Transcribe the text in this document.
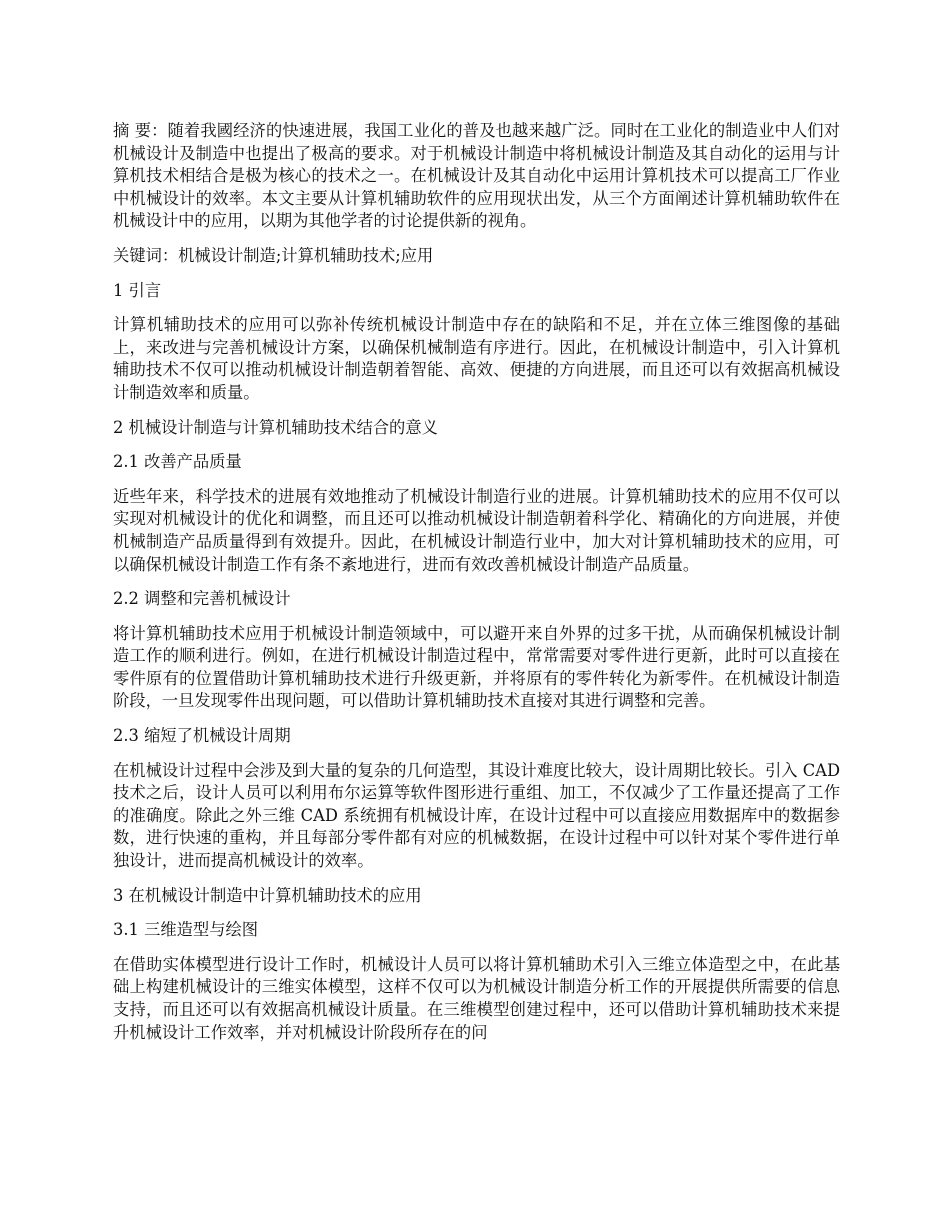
摘 要：随着我國经济的快速进展，我国工业化的普及也越来越广泛。同时在工业化的制造业中人们对机械设计及制造中也提出了极高的要求。对于机械设计制造中将机械设计制造及其自动化的运用与计算机技术相结合是极为核心的技术之一。在机械设计及其自动化中运用计算机技术可以提高工厂作业中机械设计的效率。本文主要从计算机辅助软件的应用现状出发，从三个方面阐述计算机辅助软件在机械设计中的应用，以期为其他学者的讨论提供新的视角。

关键词：机械设计制造;计算机辅助技术;应用

1 引言

计算机辅助技术的应用可以弥补传统机械设计制造中存在的缺陷和不足，并在立体三维图像的基础上，来改进与完善机械设计方案，以确保机械制造有序进行。因此，在机械设计制造中，引入计算机辅助技术不仅可以推动机械设计制造朝着智能、高效、便捷的方向进展，而且还可以有效据高机械设计制造效率和质量。

2 机械设计制造与计算机辅助技术结合的意义

2.1 改善产品质量

近些年来，科学技术的进展有效地推动了机械设计制造行业的进展。计算机辅助技术的应用不仅可以实现对机械设计的优化和调整，而且还可以推动机械设计制造朝着科学化、精确化的方向进展，并使机械制造产品质量得到有效提升。因此，在机械设计制造行业中，加大对计算机辅助技术的应用，可以确保机械设计制造工作有条不紊地进行，进而有效改善机械设计制造产品质量。

2.2 调整和完善机械设计

将计算机辅助技术应用于机械设计制造领域中，可以避开来自外界的过多干扰，从而确保机械设计制造工作的顺利进行。例如，在进行机械设计制造过程中，常常需要对零件进行更新，此时可以直接在零件原有的位置借助计算机辅助技术进行升级更新，并将原有的零件转化为新零件。在机械设计制造阶段，一旦发现零件出现问题，可以借助计算机辅助技术直接对其进行调整和完善。

2.3 缩短了机械设计周期

在机械设计过程中会涉及到大量的复杂的几何造型，其设计难度比较大，设计周期比较长。引入 CAD 技术之后，设计人员可以利用布尔运算等软件图形进行重组、加工，不仅减少了工作量还提高了工作的准确度。除此之外三维 CAD 系统拥有机械设计库，在设计过程中可以直接应用数据库中的数据参数，进行快速的重构，并且每部分零件都有对应的机械数据，在设计过程中可以针对某个零件进行单独设计，进而提高机械设计的效率。

3 在机械设计制造中计算机辅助技术的应用

3.1 三维造型与绘图

在借助实体模型进行设计工作时，机械设计人员可以将计算机辅助术引入三维立体造型之中，在此基础上构建机械设计的三维实体模型，这样不仅可以为机械设计制造分析工作的开展提供所需要的信息支持，而且还可以有效据高机械设计质量。在三维模型创建过程中，还可以借助计算机辅助技术来提升机械设计工作效率，并对机械设计阶段所存在的问
